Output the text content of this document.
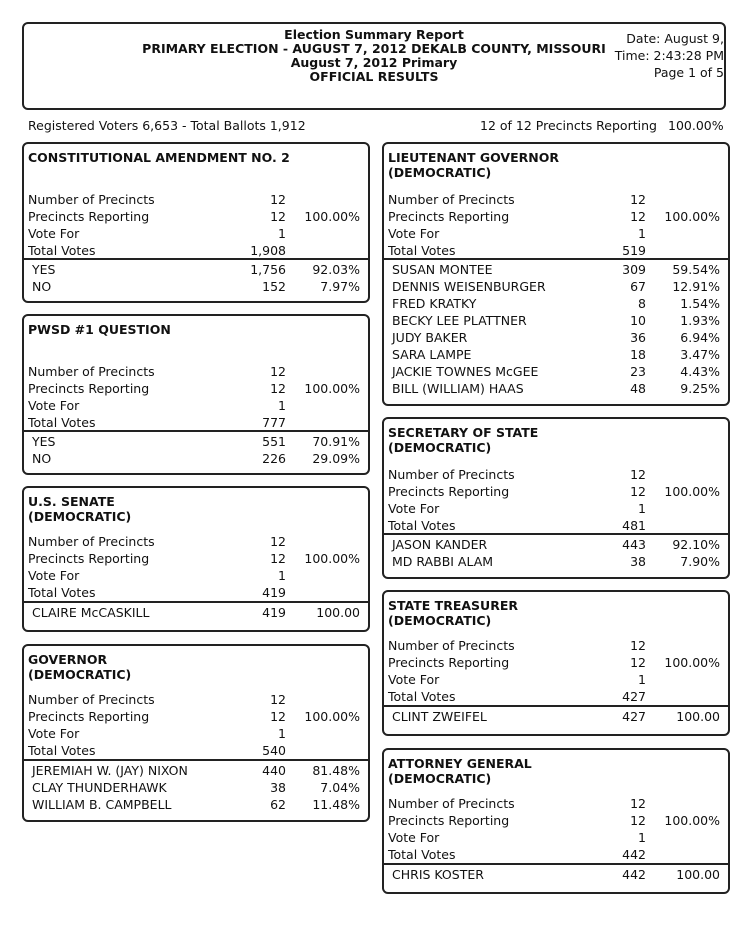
Election Summary Report
PRIMARY ELECTION - AUGUST 7, 2012 DEKALB COUNTY, MISSOURI
August 7, 2012 Primary
OFFICIAL RESULTS
Date: August 9,
Time: 2:43:28 PM
Page 1 of 5
Registered Voters 6,653 - Total Ballots 1,912	12 of 12 Precincts Reporting 100.00%
CONSTITUTIONAL AMENDMENT NO. 2
Number of Precincts	12
Precincts Reporting	12 100.00%
Vote For	1
Total Votes	1,908
YES	1,756 92.03%
NO	152	7.97%
PWSD #1 QUESTION
Number of Precincts	12
Precincts Reporting	12 100.00%
Vote For	1
Total Votes	777
YES	551 70.91%
NO	226 29.09%
U.S. SENATE
(DEMOCRATIC)
Number of Precincts	12
Precincts Reporting	12 100.00%
Vote For	1
Total Votes	419
CLAIRE McCASKILL	419 100.00
GOVERNOR
(DEMOCRATIC)
Number of Precincts	12
Precincts Reporting	12 100.00%
Vote For	1
Total Votes	540
JEREMIAH W. (JAY) NIXON	440 81.48%
CLAY THUNDERHAWK	38	7.04%
WILLIAM B. CAMPBELL	62 11.48%
LIEUTENANT GOVERNOR
(DEMOCRATIC)
Number of Precincts	12
Precincts Reporting	12 100.00%
Vote For	1
Total Votes	519
SUSAN MONTEE	309 59.54%
DENNIS WEISENBURGER	67 12.91%
FRED KRATKY	8	1.54%
BECKY LEE PLATTNER	10	1.93%
JUDY BAKER	36	6.94%
SARA LAMPE	18	3.47%
JACKIE TOWNES McGEE	23	4.43%
BILL (WILLIAM) HAAS	48	9.25%
SECRETARY OF STATE
(DEMOCRATIC)
Number of Precincts	12
Precincts Reporting	12 100.00%
Vote For	1
Total Votes	481
JASON KANDER	443 92.10%
MD RABBI ALAM	38	7.90%
STATE TREASURER
(DEMOCRATIC)
Number of Precincts	12
Precincts Reporting	12 100.00%
Vote For	1
Total Votes	427
CLINT ZWEIFEL	427 100.00
ATTORNEY GENERAL
(DEMOCRATIC)
Number of Precincts	12
Precincts Reporting	12 100.00%
Vote For	1
Total Votes	442
CHRIS KOSTER	442 100.00
